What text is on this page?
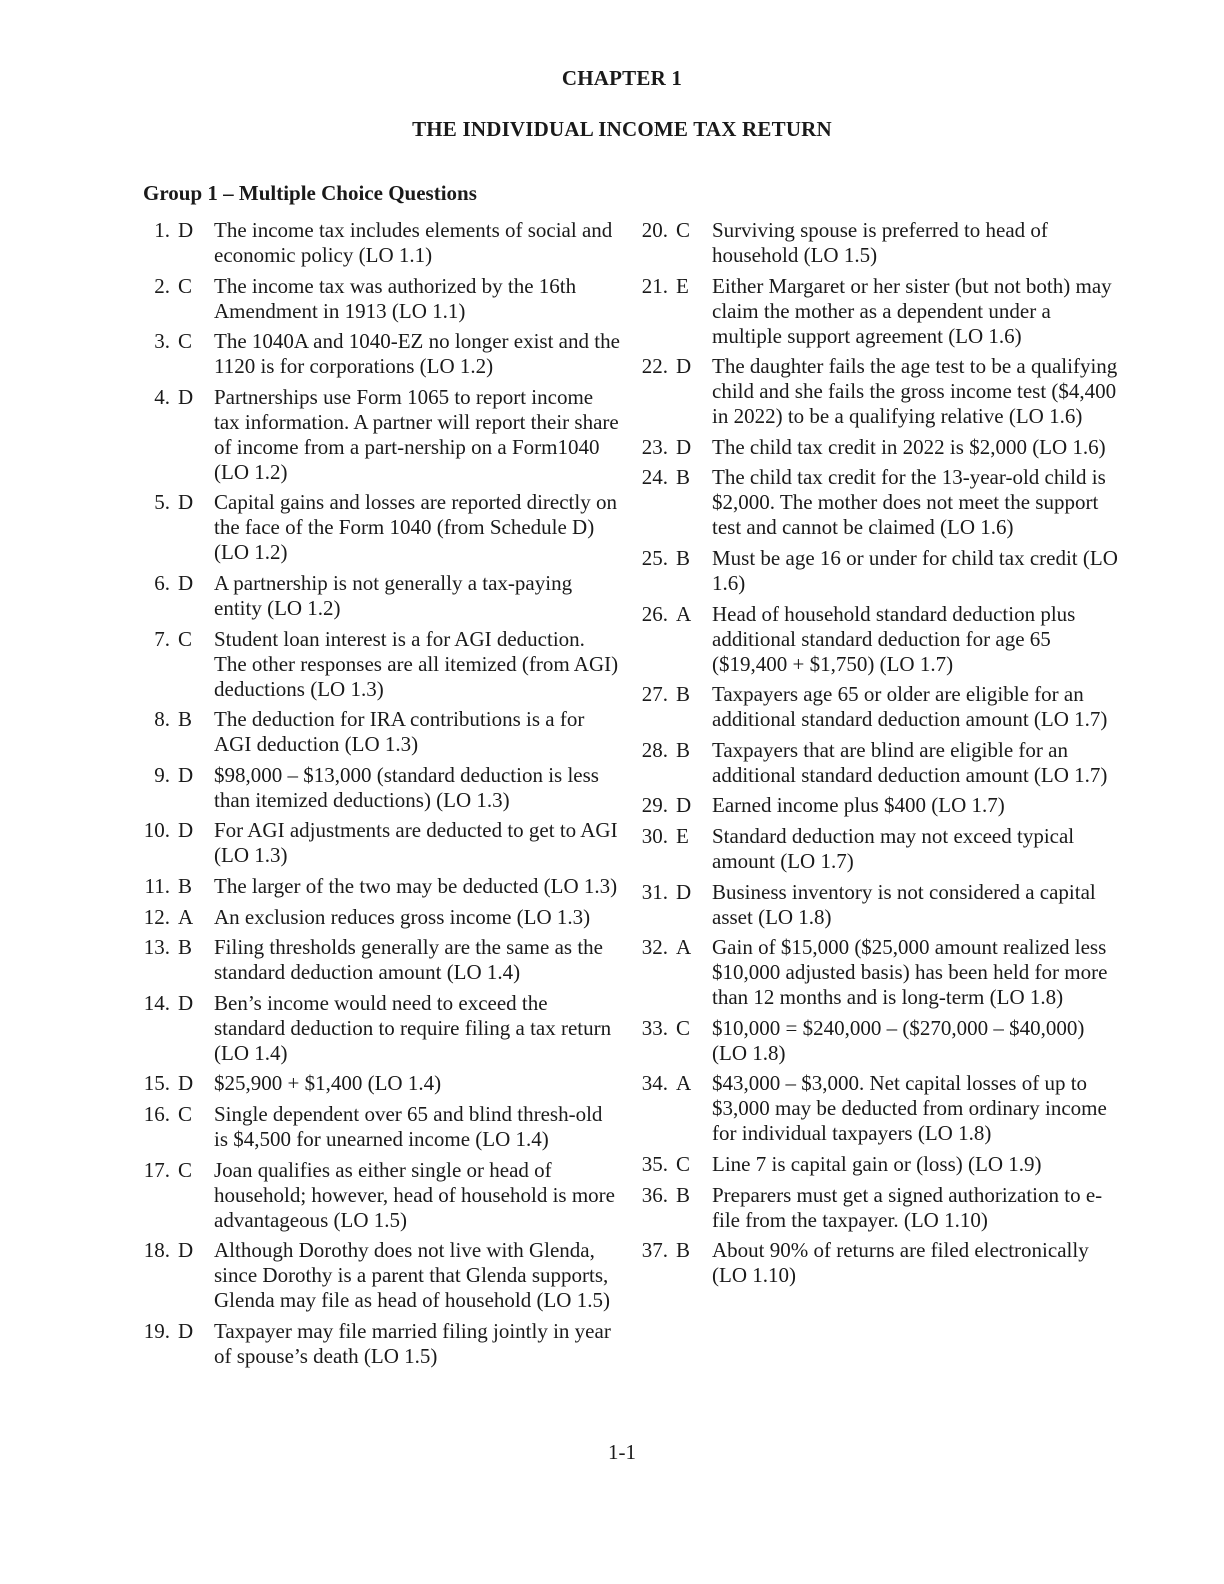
CHAPTER 1
THE INDIVIDUAL INCOME TAX RETURN
Group 1 – Multiple Choice Questions
1. D The income tax includes elements of social and economic policy (LO 1.1)
2. C	The income tax was authorized by the 16th Amendment in 1913 (LO 1.1)
3. C	The 1040A and 1040-EZ no longer exist and the 1120 is for corporations (LO 1.2)
4. D Partnerships use Form 1065 to report income tax information. A partner will report their share of income from a part-nership on a Form1040 (LO 1.2)
5. D Capital gains and losses are reported directly on the face of the Form 1040 (from Schedule D) (LO 1.2)
6. D A partnership is not generally a tax-paying entity (LO 1.2)
7. C	Student loan interest is a for AGI deduction. The other responses are all itemized (from AGI) deductions (LO 1.3)
8. B	The deduction for IRA contributions is a for AGI deduction (LO 1.3)
9. D $98,000 – $13,000 (standard deduction is less than itemized deductions) (LO 1.3)
10. D For AGI adjustments are deducted to get to AGI (LO 1.3)
11. B	The larger of the two may be deducted (LO 1.3)
12. A An exclusion reduces gross income (LO 1.3)
13. B	Filing thresholds generally are the same as the standard deduction amount (LO 1.4)
14. D Ben’s income would need to exceed the standard deduction to require filing a tax return (LO 1.4)
15. D $25,900 + $1,400 (LO 1.4)
16. C	Single dependent over 65 and blind thresh-old is $4,500 for unearned income (LO 1.4)
17. C	Joan qualifies as either single or head of household; however, head of household is more advantageous (LO 1.5)
18. D Although Dorothy does not live with Glenda, since Dorothy is a parent that Glenda supports, Glenda may file as head of household (LO 1.5)
19. D Taxpayer may file married filing jointly in year of spouse’s death (LO 1.5)
20. C	Surviving spouse is preferred to head of household (LO 1.5)
21. E	Either Margaret or her sister (but not both) may claim the mother as a dependent under a multiple support agreement (LO 1.6)
22. D The daughter fails the age test to be a qualifying child and she fails the gross income test ($4,400 in 2022) to be a qualifying relative (LO 1.6)
23. D The child tax credit in 2022 is $2,000 (LO 1.6)
24. B	The child tax credit for the 13-year-old child is $2,000. The mother does not meet the support test and cannot be claimed (LO 1.6)
25. B	Must be age 16 or under for child tax credit (LO 1.6)
26. A Head of household standard deduction plus additional standard deduction for age 65 ($19,400 + $1,750) (LO 1.7)
27. B	Taxpayers age 65 or older are eligible for an additional standard deduction amount (LO 1.7)
28. B	Taxpayers that are blind are eligible for an additional standard deduction amount (LO 1.7)
29. D Earned income plus $400 (LO 1.7)
30. E	Standard deduction may not exceed typical amount (LO 1.7)
31. D Business inventory is not considered a capital asset (LO 1.8)
32. A Gain of $15,000 ($25,000 amount realized less $10,000 adjusted basis) has been held for more than 12 months and is long-term (LO 1.8)
33. C	$10,000 = $240,000 – ($270,000 – $40,000) (LO 1.8)
34. A $43,000 – $3,000. Net capital losses of up to $3,000 may be deducted from ordinary income for individual taxpayers (LO 1.8)
35. C	Line 7 is capital gain or (loss) (LO 1.9)
36. B	Preparers must get a signed authorization to e-file from the taxpayer. (LO 1.10)
37. B	About 90% of returns are filed electronically (LO 1.10)
1-1
